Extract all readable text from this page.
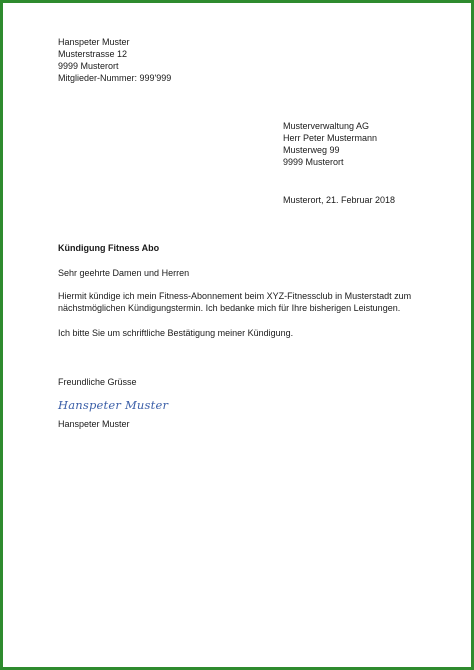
Hanspeter Muster
Musterstrasse 12
9999 Musterort
Mitglieder-Nummer: 999'999
Musterverwaltung AG
Herr Peter Mustermann
Musterweg 99
9999 Musterort
Musterort, 21. Februar 2018
Kündigung Fitness Abo
Sehr geehrte Damen und Herren
Hiermit kündige ich mein Fitness-Abonnement beim XYZ-Fitnessclub in Musterstadt zum
nächstmöglichen Kündigungstermin. Ich bedanke mich für Ihre bisherigen Leistungen.
Ich bitte Sie um schriftliche Bestätigung meiner Kündigung.
Freundliche Grüsse
Hanspeter Muster
Hanspeter Muster
